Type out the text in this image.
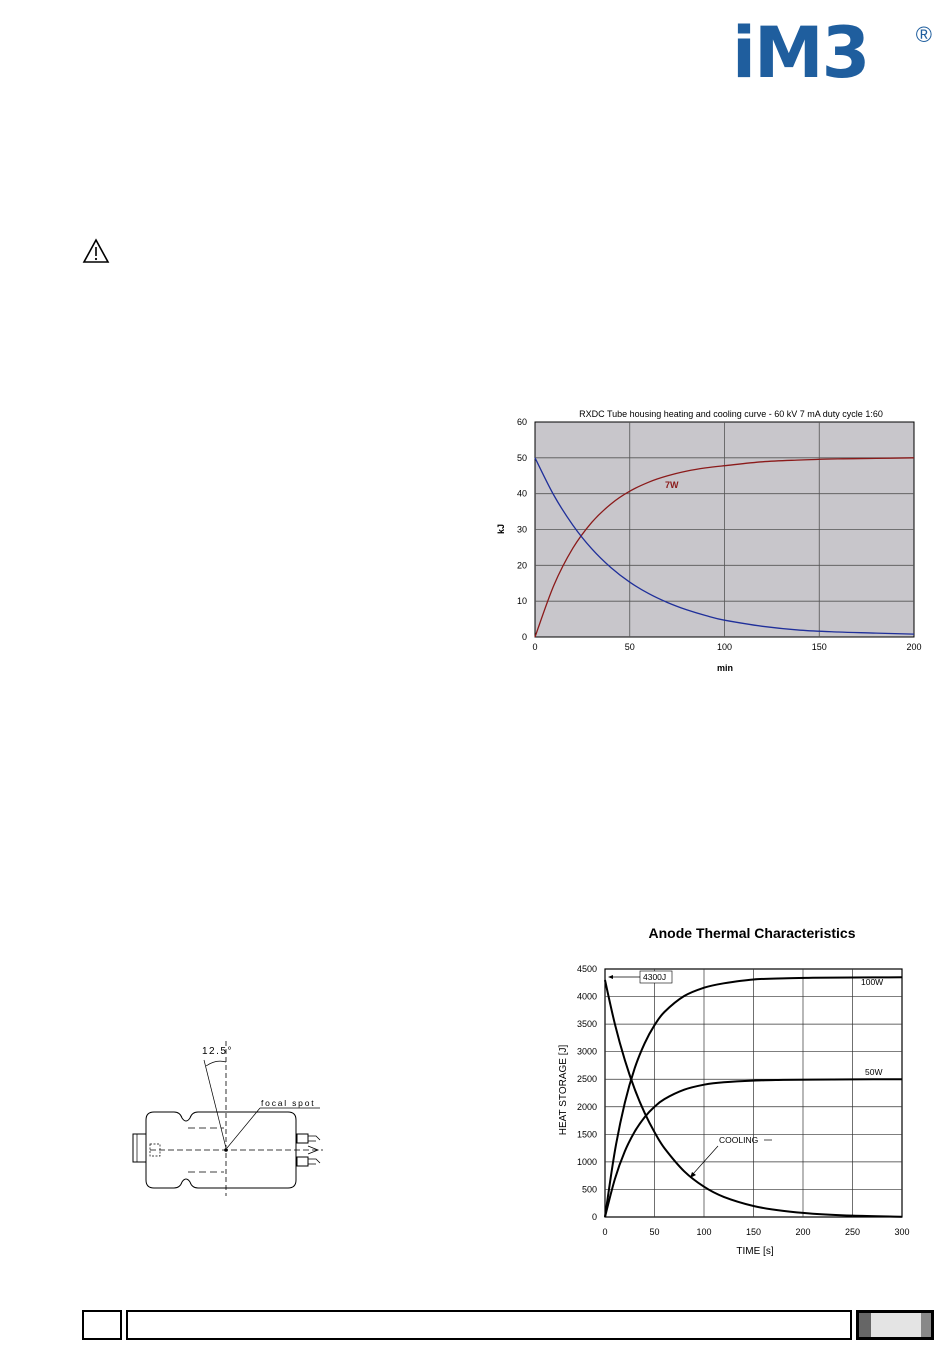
iM3 ®
RXDC Tube housing heating and cooling curve - 60 kV 7 mA duty cycle 1:60
0	50	100	150	200
0
10
20
30
40
50
60
kJ
min
7W
12.5°
focal spot
Anode Thermal Characteristics
0	50	100	150	200	250	300
0
500
1000
1500
2000
2500
3000
3500
4000
4500
HEAT STORAGE [J]
TIME [s]
4300J	100W
50W
COOLING
